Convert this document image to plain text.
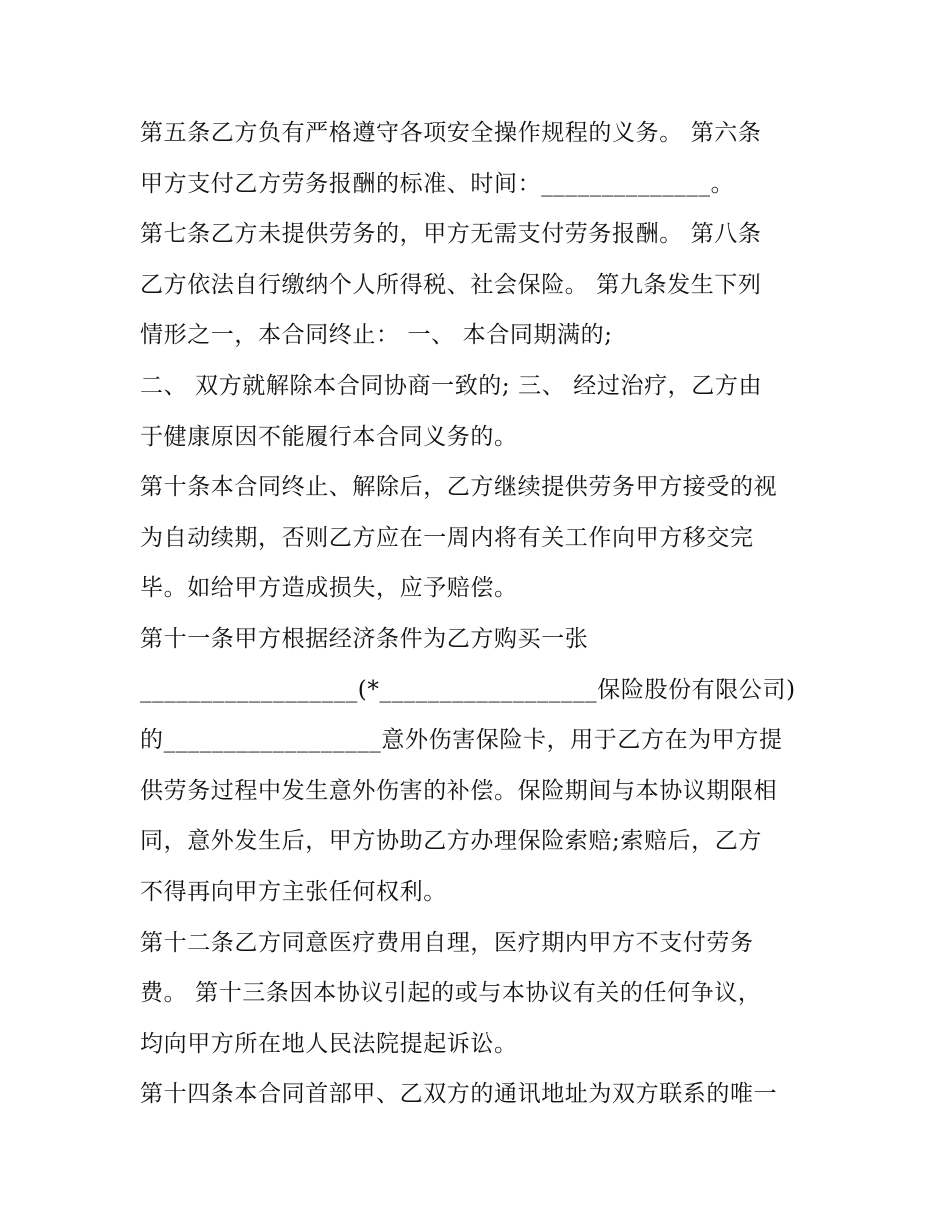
第五条乙方负有严格遵守各项安全操作规程的义务。 第六条
甲方支付乙方劳务报酬的标准、时间：______________。
第七条乙方未提供劳务的，甲方无需支付劳务报酬。 第八条
乙方依法自行缴纳个人所得税、社会保险。 第九条发生下列
情形之一，本合同终止： 一、 本合同期满的;
二、 双方就解除本合同协商一致的; 三、 经过治疗，乙方由
于健康原因不能履行本合同义务的。
第十条本合同终止、解除后，乙方继续提供劳务甲方接受的视
为自动续期，否则乙方应在一周内将有关工作向甲方移交完
毕。如给甲方造成损失，应予赔偿。
第十一条甲方根据经济条件为乙方购买一张
__________________(*__________________保险股份有限公司)
的__________________意外伤害保险卡，用于乙方在为甲方提
供劳务过程中发生意外伤害的补偿。保险期间与本协议期限相
同，意外发生后，甲方协助乙方办理保险索赔;索赔后，乙方
不得再向甲方主张任何权利。
第十二条乙方同意医疗费用自理，医疗期内甲方不支付劳务
费。 第十三条因本协议引起的或与本协议有关的任何争议，
均向甲方所在地人民法院提起诉讼。
第十四条本合同首部甲、乙双方的通讯地址为双方联系的唯一
